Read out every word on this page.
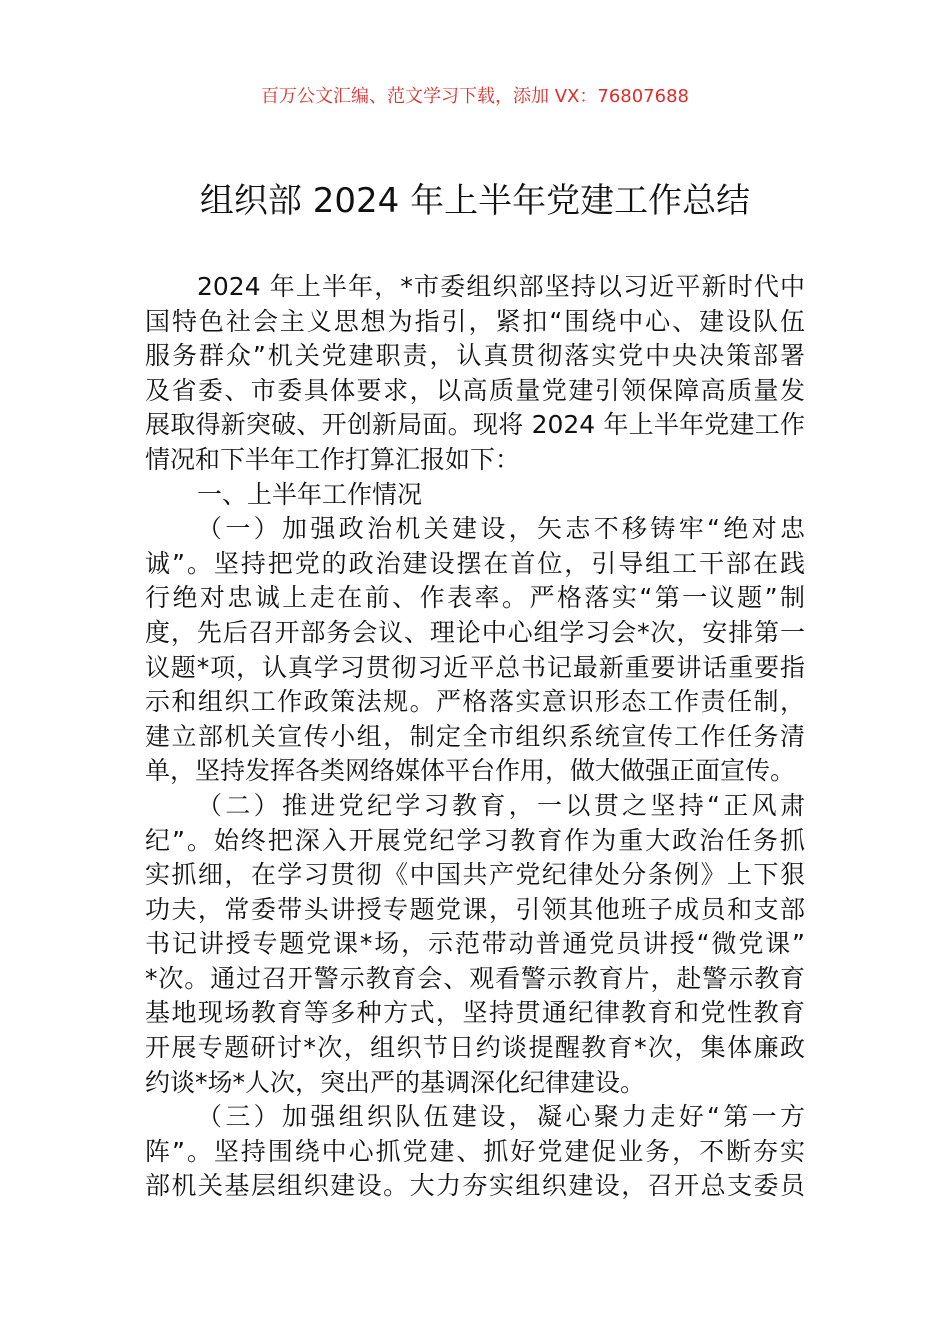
百万公文汇编、范文学习下载，添加 VX：76807688
组织部 2024 年上半年党建工作总结
2024 年上半年，*市委组织部坚持以习近平新时代中
国特色社会主义思想为指引，紧扣“围绕中心、建设队伍
服务群众”机关党建职责，认真贯彻落实党中央决策部署
及省委、市委具体要求，以高质量党建引领保障高质量发
展取得新突破、开创新局面。现将 2024 年上半年党建工作
情况和下半年工作打算汇报如下：
一、上半年工作情况
（一）加强政治机关建设，矢志不移铸牢“绝对忠
诚”。坚持把党的政治建设摆在首位，引导组工干部在践
行绝对忠诚上走在前、作表率。严格落实“第一议题”制
度，先后召开部务会议、理论中心组学习会*次，安排第一
议题*项，认真学习贯彻习近平总书记最新重要讲话重要指
示和组织工作政策法规。严格落实意识形态工作责任制，
建立部机关宣传小组，制定全市组织系统宣传工作任务清
单，坚持发挥各类网络媒体平台作用，做大做强正面宣传。
（二）推进党纪学习教育，一以贯之坚持“正风肃
纪”。始终把深入开展党纪学习教育作为重大政治任务抓
实抓细，在学习贯彻《中国共产党纪律处分条例》上下狠
功夫，常委带头讲授专题党课，引领其他班子成员和支部
书记讲授专题党课*场，示范带动普通党员讲授“微党课”
*次。通过召开警示教育会、观看警示教育片，赴警示教育
基地现场教育等多种方式，坚持贯通纪律教育和党性教育
开展专题研讨*次，组织节日约谈提醒教育*次，集体廉政
约谈*场*人次，突出严的基调深化纪律建设。
（三）加强组织队伍建设，凝心聚力走好“第一方
阵”。坚持围绕中心抓党建、抓好党建促业务，不断夯实
部机关基层组织建设。大力夯实组织建设，召开总支委员
